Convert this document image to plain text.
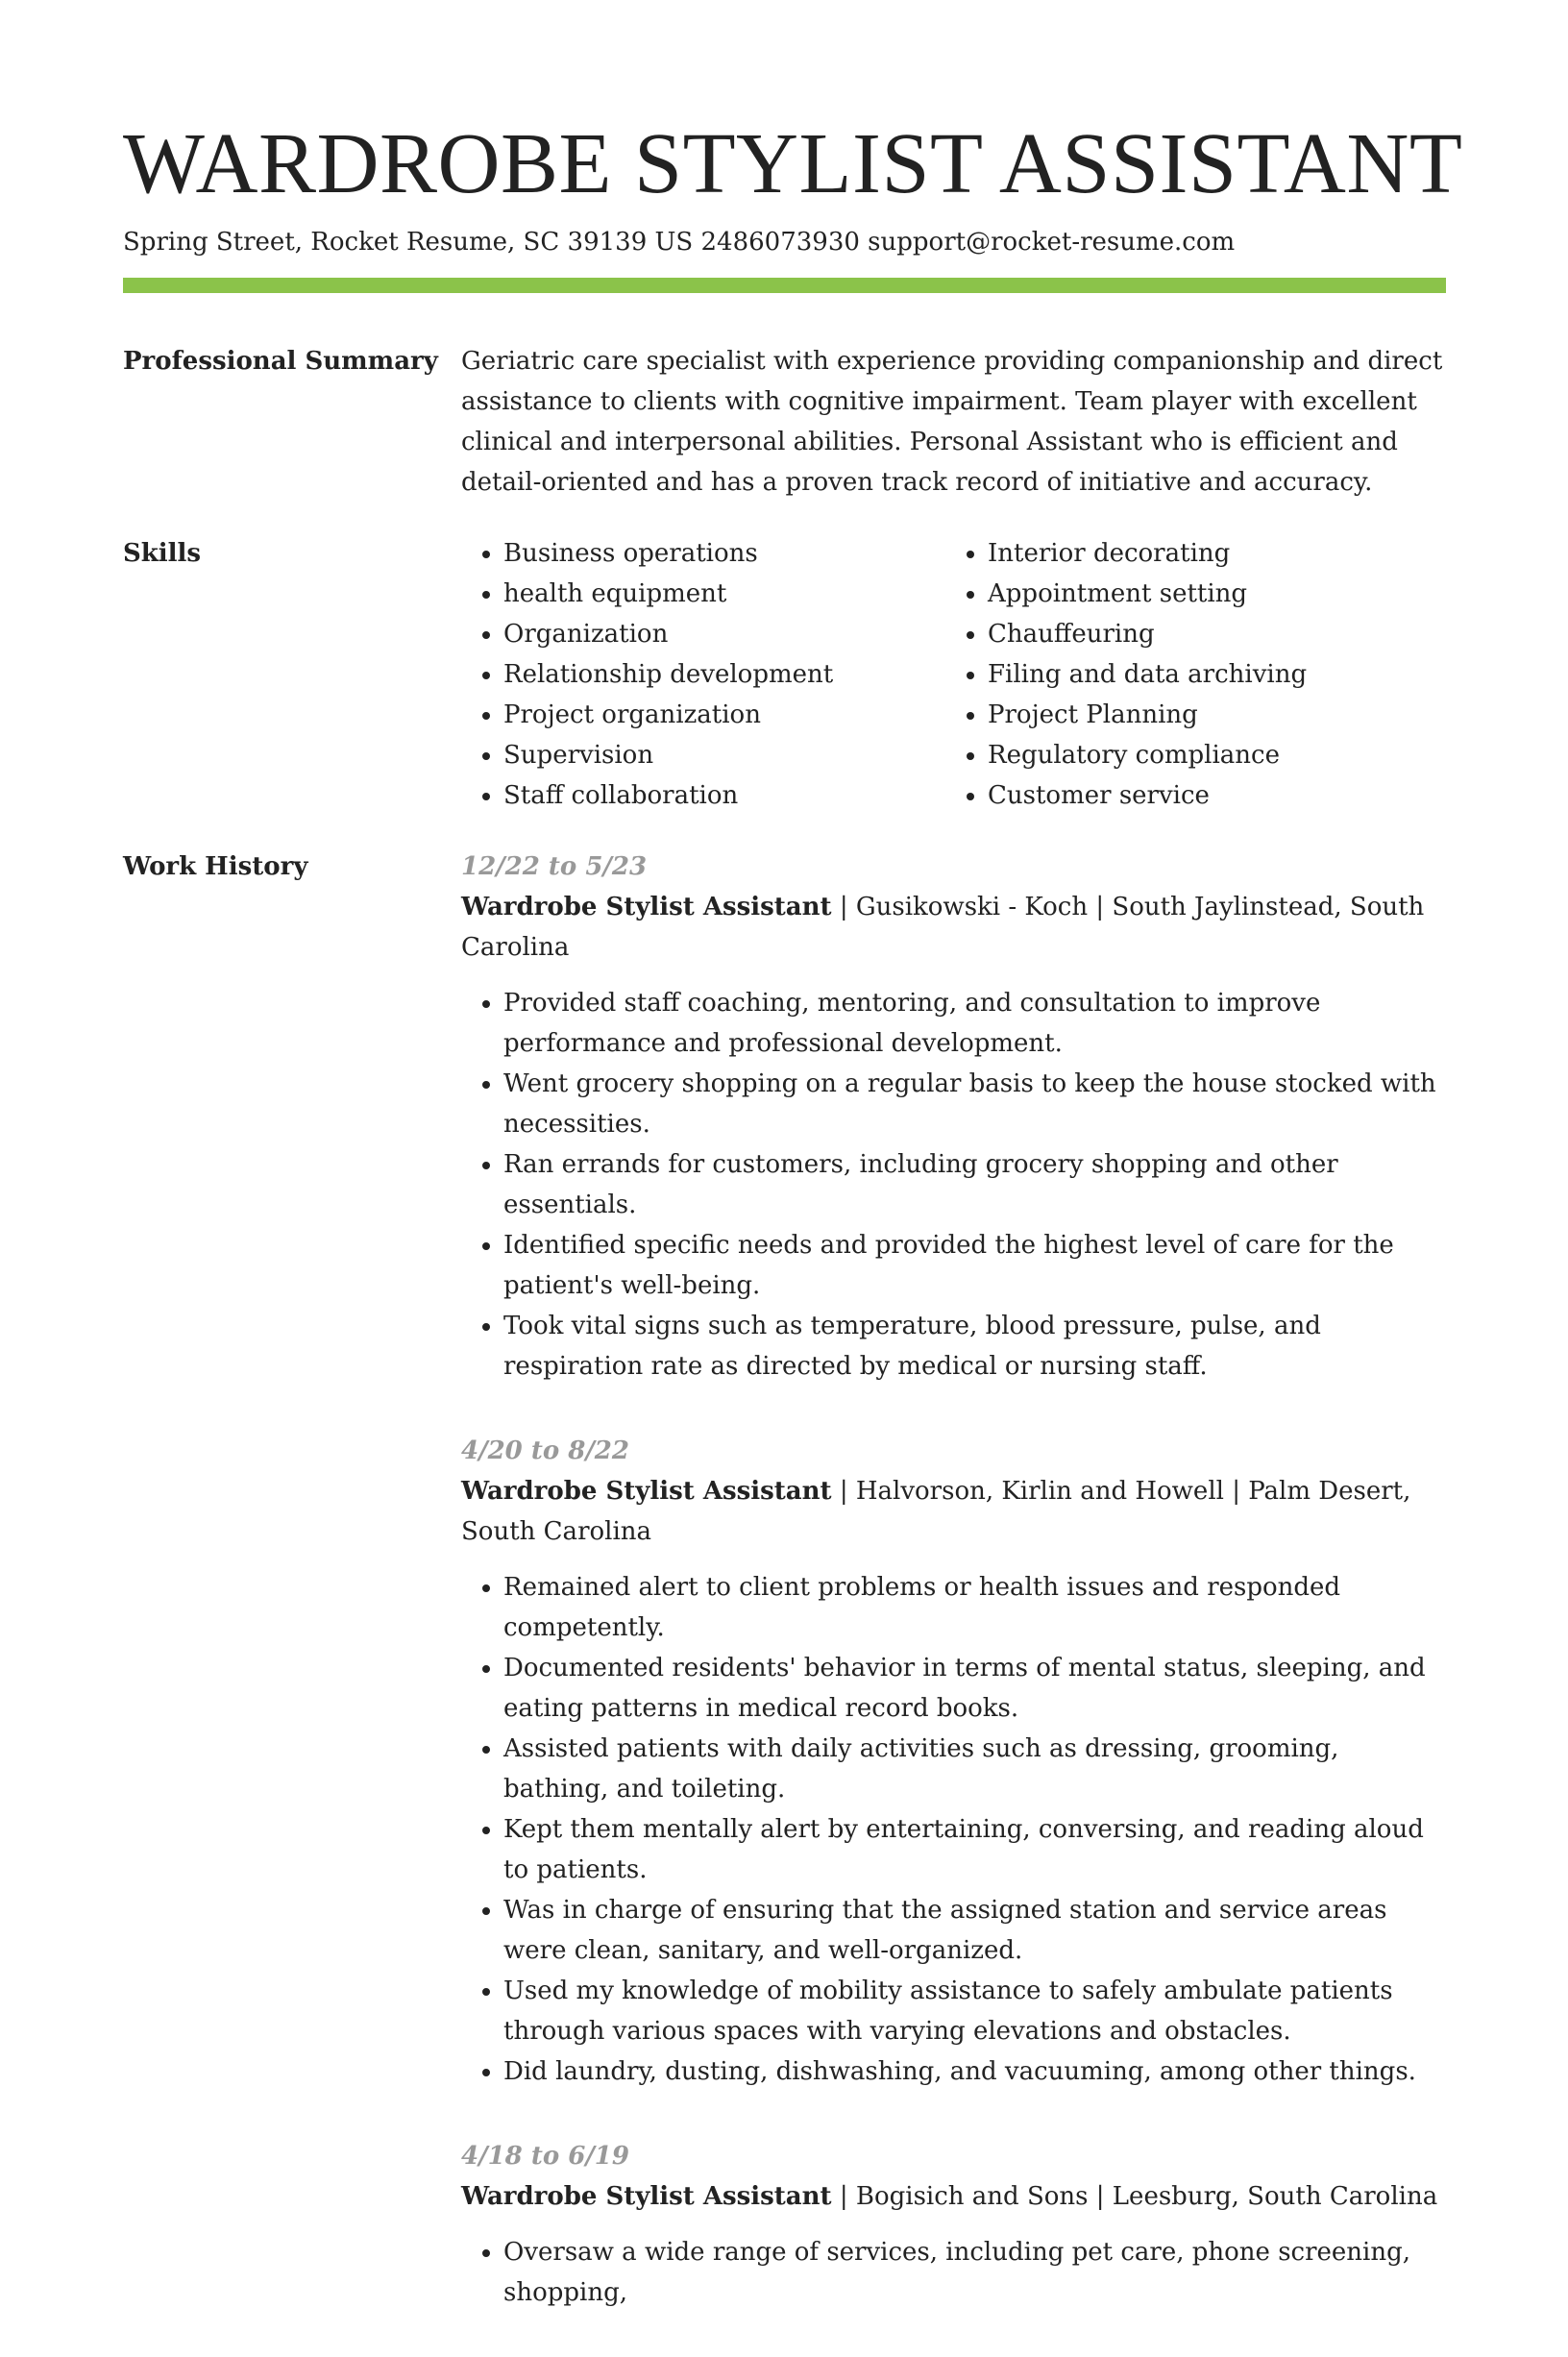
WARDROBE STYLIST ASSISTANT
Spring Street, Rocket Resume, SC 39139 US 2486073930 support@rocket-resume.com
Professional Summary Geriatric care specialist with experience providing companionship and direct assistance to clients with cognitive impairment. Team player with excellent clinical and interpersonal abilities. Personal Assistant who is efficient and detail-oriented and has a proven track record of initiative and accuracy.

Skills
•	Business operations
• health equipment
• Organization
• Relationship development
• Project organization
• Supervision
• Staff collaboration
• Interior decorating
• Appointment setting
• Chauffeuring
• Filing and data archiving
• Project Planning
• Regulatory compliance
• Customer service
Work History	12/22 to 5/23
Wardrobe Stylist Assistant | Gusikowski - Koch | South Jaylinstead, South Carolina
• Provided staff coaching, mentoring, and consultation to improve performance and professional development.
• Went grocery shopping on a regular basis to keep the house stocked with necessities.
• Ran errands for customers, including grocery shopping and other essentials.
• Identified specific needs and provided the highest level of care for the patient's well-being.
• Took vital signs such as temperature, blood pressure, pulse, and respiration rate as directed by medical or nursing staff.
4/20 to 8/22
Wardrobe Stylist Assistant | Halvorson, Kirlin and Howell | Palm Desert, South Carolina
• Remained alert to client problems or health issues and responded competently.
• Documented residents' behavior in terms of mental status, sleeping, and eating patterns in medical record books.
• Assisted patients with daily activities such as dressing, grooming, bathing, and toileting.
• Kept them mentally alert by entertaining, conversing, and reading aloud to patients.
• Was in charge of ensuring that the assigned station and service areas were clean, sanitary, and well-organized.
• Used my knowledge of mobility assistance to safely ambulate patients through various spaces with varying elevations and obstacles.
• Did laundry, dusting, dishwashing, and vacuuming, among other things.
4/18 to 6/19
Wardrobe Stylist Assistant | Bogisich and Sons | Leesburg, South Carolina
• Oversaw a wide range of services, including pet care, phone screening, shopping,
